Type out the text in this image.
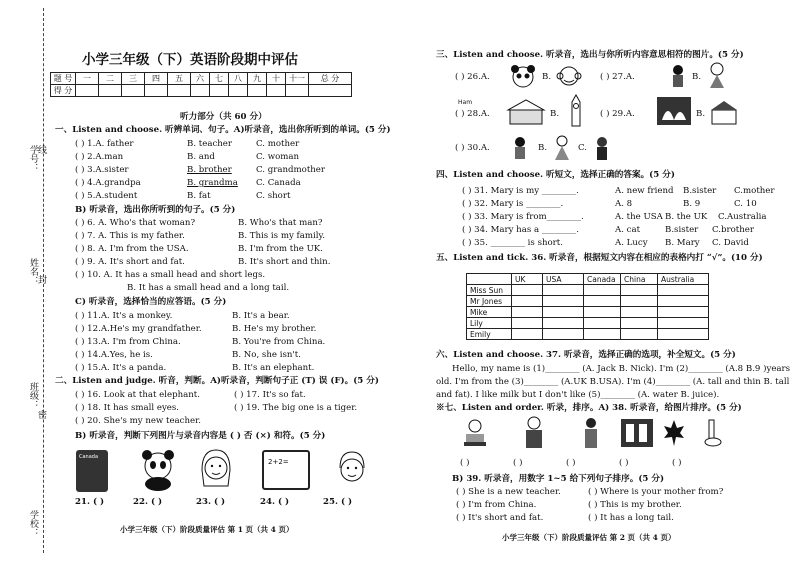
学号：
线
姓名：
封
班级：
密
学校：
小学三年级（下）英语阶段期中评估
题 号	一	二	三	四	五	六	七	八	九	十	十一	总 分
得 分												
听力部分（共 60 分）
一、Listen and choose. 听辨单词、句子。A)听录音，选出你所听到的单词。(5 分)
( ) 1.A. father	B. teacher	C. mother
( ) 2.A.man	B. and	C. woman
( ) 3.A.sister	B. brother	C. grandmother
( ) 4.A.grandpa	B. grandma C. Canada
( ) 5.A.student	B. fat	C. short
B) 听录音，选出你所听到的句子。(5 分)
( ) 6. A. Who's that woman?	B. Who's that man?
( ) 7. A. This is my father.	B. This is my family.
( ) 8. A. I'm from the USA.	B. I'm from the UK.
( ) 9. A. It's short and fat.	B. It's short and thin.
( ) 10. A. It has a small head and short legs.
B. It has a small head and a long tail.
C) 听录音，选择恰当的应答语。(5 分)
( ) 11.A. It's a monkey.	B. It's a bear.
( ) 12.A.He's my grandfather.	B. He's my brother.
( ) 13.A. I'm from China.	B. You're from China.
( ) 14.A.Yes, he is.	B. No, she isn't.
( ) 15.A. It's a panda.	B. It's an elephant.
二、Listen and judge. 听音，判断。A)听录音，判断句子正 (T) 误 (F)。(5 分)
( ) 16. Look at that elephant.	( ) 17. It's so fat.
( ) 18. It has small eyes.	( ) 19. The big one is a tiger.
( ) 20. She's my new teacher.
B) 听录音，判断下列图片与录音内容是 ( ) 否 (×) 和符。(5 分)
Canada
2+2=
21. ( )	22. ( )	23. ( )	24. ( )	25. ( )
小学三年级（下）阶段质量评估 第 1 页（共 4 页）
三、Listen and choose. 听录音，选出与你所听内容意思相符的图片。(5 分)
( ) 26.A.	B.	( ) 27.A.	B.
Ham
( ) 28.A.	B.	( ) 29.A.	B.
( ) 30.A.	B.	C.
四、Listen and choose. 听短文，选择正确的答案。(5 分)
( ) 31. Mary is my ________.	A. new friend B.sister C.mother
( ) 32. Mary is ________.	A. 8	B. 9	C. 10
( ) 33. Mary is from________.	A. the USA B. the UK C.Australia
( ) 34. Mary has a ________.	A. cat	B.sister C.brother
( ) 35. ________ is short.	A. Lucy B. Mary C. David
五、Listen and tick. 36. 听录音，根据短文内容在相应的表格内打 “√”。(10 分)
	UK	USA	Canada	China	Australia
Miss Sun					
Mr Jones					
Mike					
Lily					
Emily					
六、Listen and choose. 37. 听录音，选择正确的选项，补全短文。(5 分)
Hello, my name is (1)________ (A. Jack B. Nick). I'm (2)________ (A.8 B.9 )years
old. I'm from the (3)________ (A.UK B.USA). I'm (4)________ (A. tall and thin B. tall
and fat). I like milk but I don't like (5)________ (A. water B. juice).
※七、Listen and order. 听录，排序。A) 38. 听录音，给图片排序。(5 分)
( )	( )	( )	( )	( )
B) 39. 听录音，用数字 1~5 给下列句子排序。(5 分)
( ) She is a new teacher.	( ) Where is your mother from?
( ) I'm from China.	( ) This is my brother.
( ) It's short and fat.	( ) It has a long tail.
小学三年级（下）阶段质量评估 第 2 页（共 4 页）
